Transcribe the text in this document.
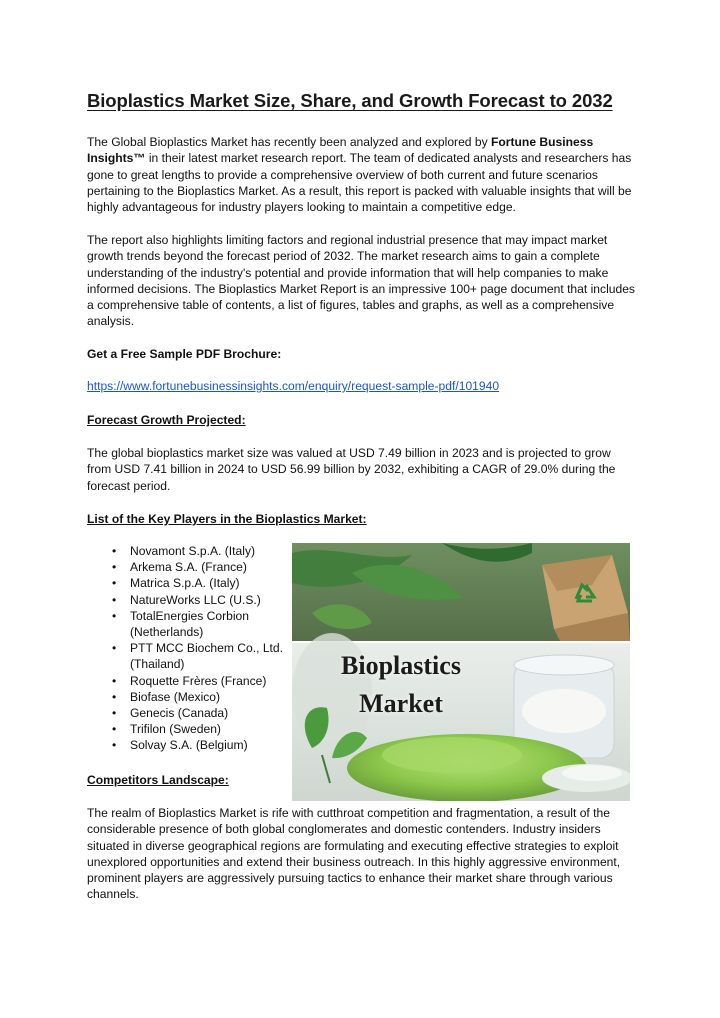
Bioplastics Market Size, Share, and Growth Forecast to 2032

The Global Bioplastics Market has recently been analyzed and explored by Fortune Business Insights™ in their latest market research report. The team of dedicated analysts and researchers has gone to great lengths to provide a comprehensive overview of both current and future scenarios pertaining to the Bioplastics Market. As a result, this report is packed with valuable insights that will be highly advantageous for industry players looking to maintain a competitive edge.

The report also highlights limiting factors and regional industrial presence that may impact market growth trends beyond the forecast period of 2032. The market research aims to gain a complete understanding of the industry's potential and provide information that will help companies to make informed decisions. The Bioplastics Market Report is an impressive 100+ page document that includes a comprehensive table of contents, a list of figures, tables and graphs, as well as a comprehensive analysis.

Get a Free Sample PDF Brochure:

https://www.fortunebusinessinsights.com/enquiry/request-sample-pdf/101940

Forecast Growth Projected:

The global bioplastics market size was valued at USD 7.49 billion in 2023 and is projected to grow from USD 7.41 billion in 2024 to USD 56.99 billion by 2032, exhibiting a CAGR of 29.0% during the forecast period.

List of the Key Players in the Bioplastics Market:

• Novamont S.p.A. (Italy)
• Arkema S.A. (France)
• Matrica S.p.A. (Italy)
• NatureWorks LLC (U.S.)
• TotalEnergies Corbion (Netherlands)
• PTT MCC Biochem Co., Ltd. (Thailand)
• Roquette Frères (France)
• Biofase (Mexico)
• Genecis (Canada)
• Trifilon (Sweden)
• Solvay S.A. (Belgium)
Bioplastics
Market

Competitors Landscape:

The realm of Bioplastics Market is rife with cutthroat competition and fragmentation, a result of the considerable presence of both global conglomerates and domestic contenders. Industry insiders situated in diverse geographical regions are formulating and executing effective strategies to exploit unexplored opportunities and extend their business outreach. In this highly aggressive environment, prominent players are aggressively pursuing tactics to enhance their market share through various channels.
